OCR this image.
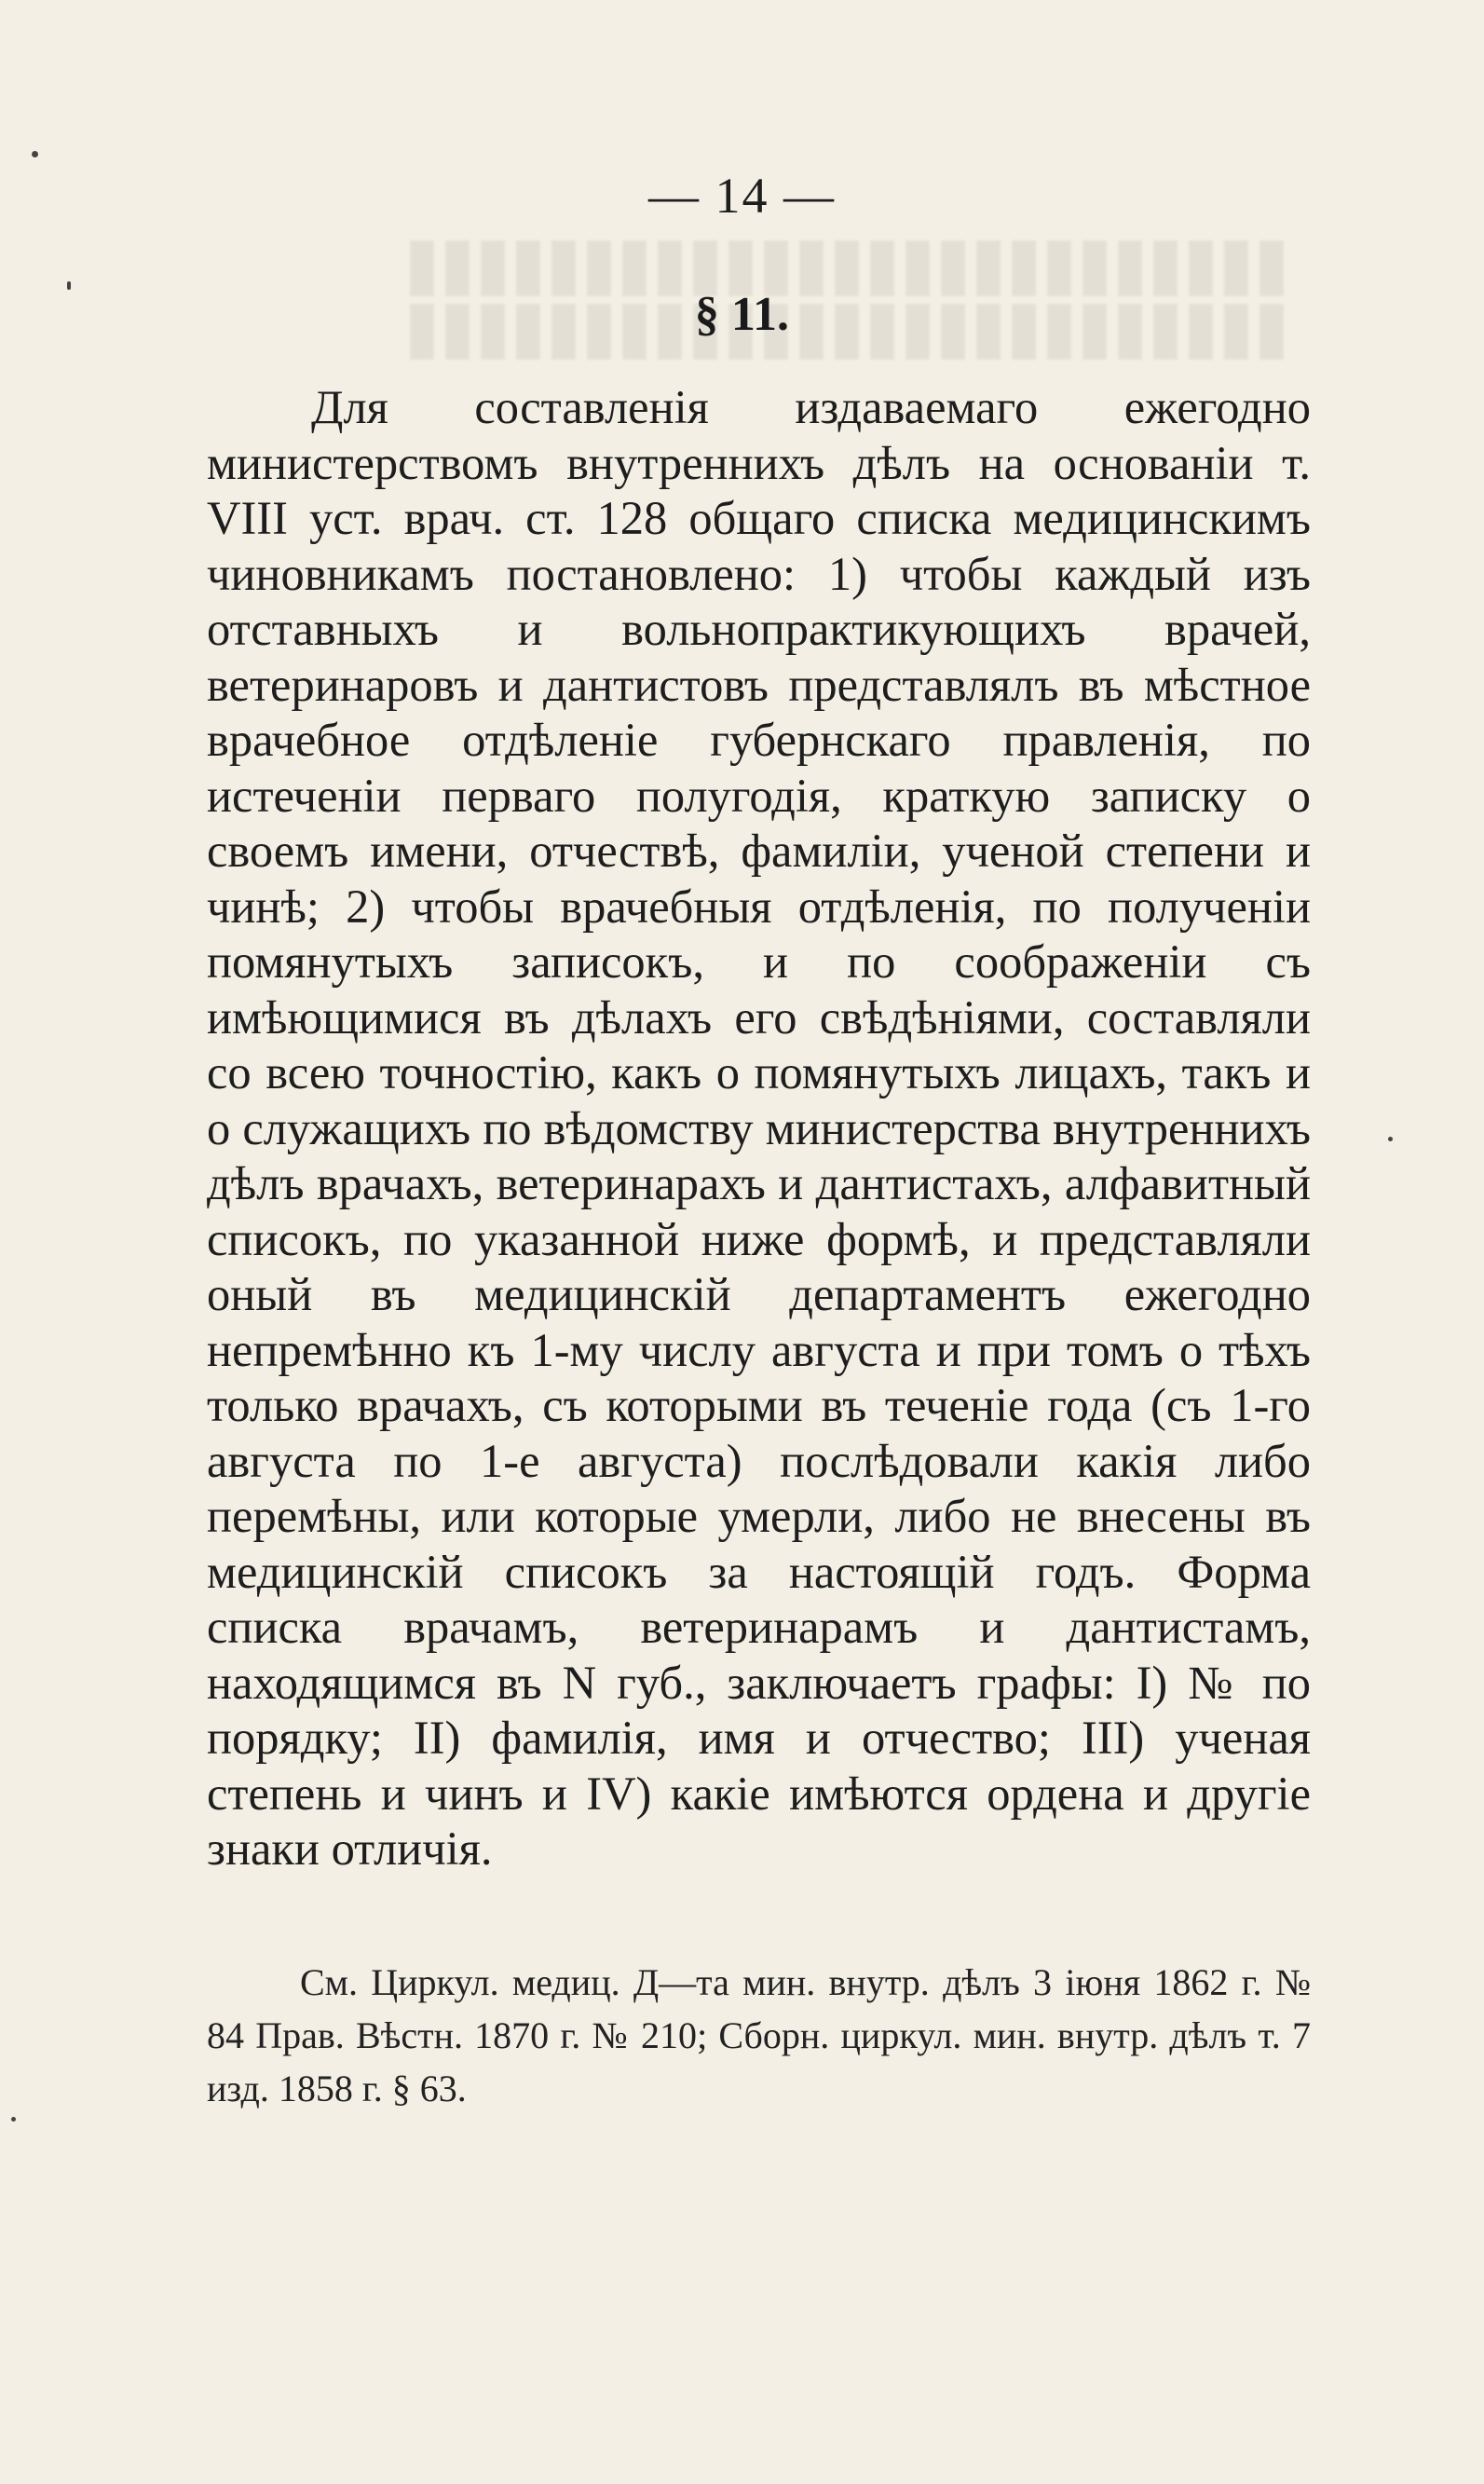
— 14 —
§ 11.

Для составленія издаваемаго ежегодно министерствомъ внутреннихъ дѣлъ на основаніи т. VIII уст. врач. ст. 128 общаго списка медицинскимъ чиновникамъ постановлено: 1) чтобы каждый изъ отставныхъ и вольнопрактикующихъ врачей, ветеринаровъ и дантистовъ представлялъ въ мѣстное врачебное отдѣленіе губернскаго правленія, по истеченіи перваго полугодія, краткую записку о своемъ имени, отчествѣ, фамиліи, ученой степени и чинѣ; 2) чтобы врачебныя отдѣленія, по полученіи помянутыхъ записокъ, и по соображеніи съ имѣющимися въ дѣлахъ его свѣдѣніями, составляли со всею точностію, какъ о помянутыхъ лицахъ, такъ и о служащихъ по вѣдомству министерства внутреннихъ дѣлъ врачахъ, ветеринарахъ и дантистахъ, алфавитный списокъ, по указанной ниже формѣ, и представляли оный въ медицинскій департаментъ ежегодно непремѣнно къ 1-му числу августа и при томъ о тѣхъ только врачахъ, съ которыми въ теченіе года (съ 1-го августа по 1-е августа) послѣдовали какія либо перемѣны, или которые умерли, либо не внесены въ медицинскій списокъ за настоящій годъ. Форма списка врачамъ, ветеринарамъ и дантистамъ, находящимся въ N губ., заключаетъ графы: I) № по порядку; II) фамилія, имя и отчество; III) ученая степень и чинъ и IV) какіе имѣются ордена и другіе знаки отличія.

См. Циркул. медиц. Д—та мин. внутр. дѣлъ 3 іюня 1862 г. № 84 Прав. Вѣстн. 1870 г. № 210; Сборн. циркул. мин. внутр. дѣлъ т. 7 изд. 1858 г. § 63.
